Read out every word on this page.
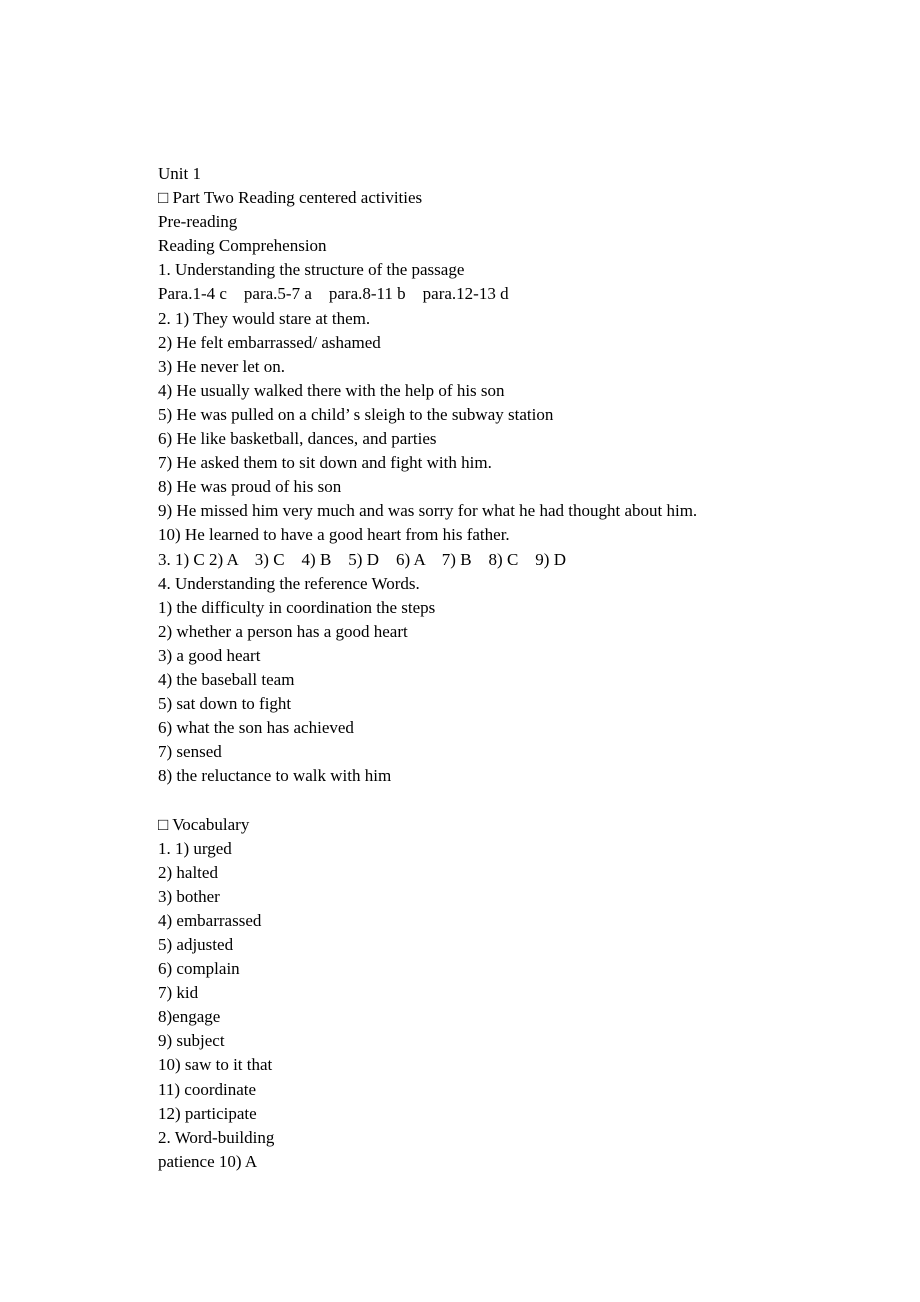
Unit 1
□ Part Two Reading centered activities
Pre-reading
Reading Comprehension
1. Understanding the structure of the passage
Para.1-4 c    para.5-7 a    para.8-11 b    para.12-13 d
2. 1) They would stare at them.
2) He felt embarrassed/ ashamed
3) He never let on.
4) He usually walked there with the help of his son
5) He was pulled on a child’ s sleigh to the subway station
6) He like basketball, dances, and parties
7) He asked them to sit down and fight with him.
8) He was proud of his son
9) He missed him very much and was sorry for what he had thought about him.
10) He learned to have a good heart from his father.
3. 1) C 2) A    3) C    4) B    5) D    6) A    7) B    8) C    9) D
4. Understanding the reference Words.
1) the difficulty in coordination the steps
2) whether a person has a good heart
3) a good heart
4) the baseball team
5) sat down to fight
6) what the son has achieved
7) sensed
8) the reluctance to walk with him
□ Vocabulary
1. 1) urged
2) halted
3) bother
4) embarrassed
5) adjusted
6) complain
7) kid
8)engage
9) subject
10) saw to it that
11) coordinate
12) participate
2. Word-building
patience 10) A
